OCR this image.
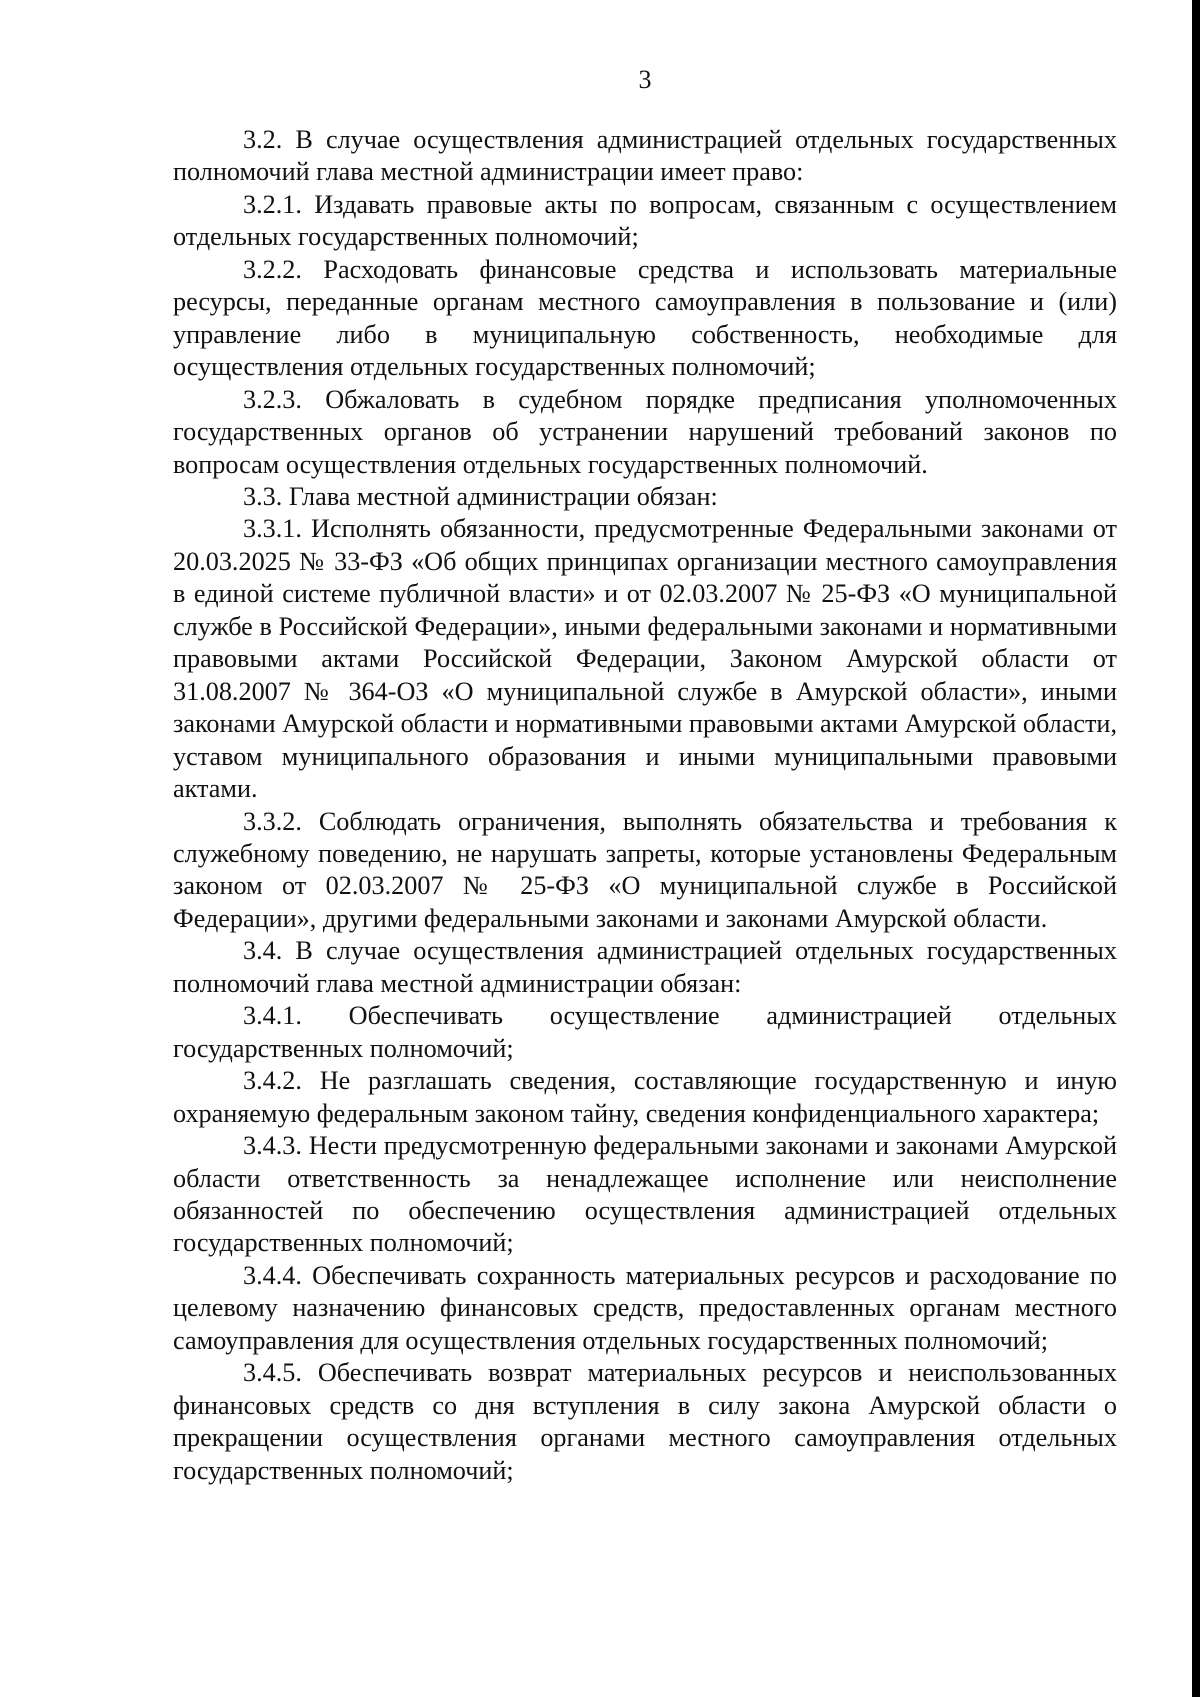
3

3.2. В случае осуществления администрацией отдельных государственных полномочий глава местной администрации имеет право:

3.2.1. Издавать правовые акты по вопросам, связанным с осуществлением отдельных государственных полномочий;

3.2.2. Расходовать финансовые средства и использовать материальные ресурсы, переданные органам местного самоуправления в пользование и (или) управление либо в муниципальную собственность, необходимые для осуществления отдельных государственных полномочий;

3.2.3. Обжаловать в судебном порядке предписания уполномоченных государственных органов об устранении нарушений требований законов по вопросам осуществления отдельных государственных полномочий.

3.3. Глава местной администрации обязан:

3.3.1. Исполнять обязанности, предусмотренные Федеральными законами от 20.03.2025 № 33-ФЗ «Об общих принципах организации местного самоуправления в единой системе публичной власти» и от 02.03.2007 № 25-ФЗ «О муниципальной службе в Российской Федерации», иными федеральными законами и нормативными правовыми актами Российской Федерации, Законом Амурской области от 31.08.2007 № 364-ОЗ «О муниципальной службе в Амурской области», иными законами Амурской области и нормативными правовыми актами Амурской области, уставом муниципального образования и иными муниципальными правовыми актами.

3.3.2. Соблюдать ограничения, выполнять обязательства и требования к служебному поведению, не нарушать запреты, которые установлены Федеральным законом от 02.03.2007 № 25-ФЗ «О муниципальной службе в Российской Федерации», другими федеральными законами и законами Амурской области.

3.4. В случае осуществления администрацией отдельных государственных полномочий глава местной администрации обязан:

3.4.1. Обеспечивать осуществление администрацией отдельных государственных полномочий;

3.4.2. Не разглашать сведения, составляющие государственную и иную охраняемую федеральным законом тайну, сведения конфиденциального характера;

3.4.3. Нести предусмотренную федеральными законами и законами Амурской области ответственность за ненадлежащее исполнение или неисполнение обязанностей по обеспечению осуществления администрацией отдельных государственных полномочий;

3.4.4. Обеспечивать сохранность материальных ресурсов и расходование по целевому назначению финансовых средств, предоставленных органам местного самоуправления для осуществления отдельных государственных полномочий;

3.4.5. Обеспечивать возврат материальных ресурсов и неиспользованных финансовых средств со дня вступления в силу закона Амурской области о прекращении осуществления органами местного самоуправления отдельных государственных полномочий;
